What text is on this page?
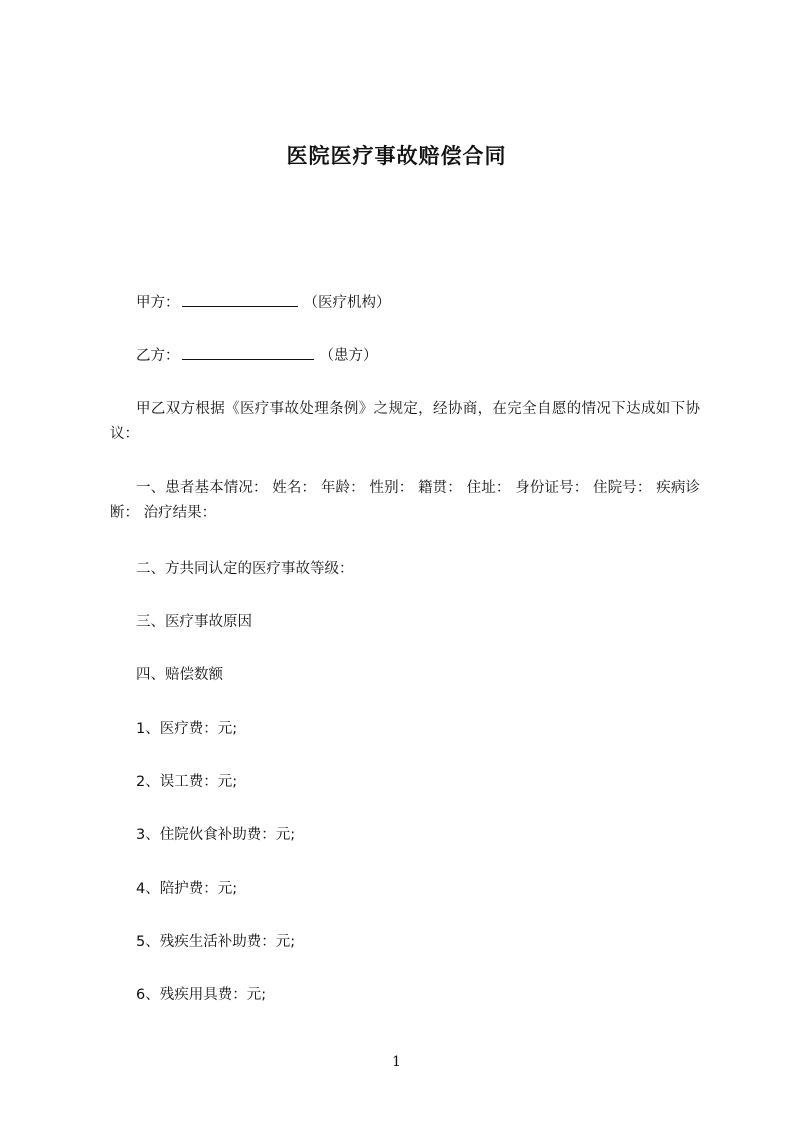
医院医疗事故赔偿合同
甲方：	（医疗机构）
乙方：	（患方）
甲乙双方根据《医疗事故处理条例》之规定，经协商，在完全自愿的情况下达成如下协议：
一、患者基本情况： 姓名： 年龄： 性别： 籍贯： 住址： 身份证号： 住院号： 疾病诊断： 治疗结果：
二、方共同认定的医疗事故等级：
三、医疗事故原因
四、赔偿数额
1、医疗费：元;
2、误工费：元;
3、住院伙食补助费：元;
4、陪护费：元;
5、残疾生活补助费：元;
6、残疾用具费：元;
1
